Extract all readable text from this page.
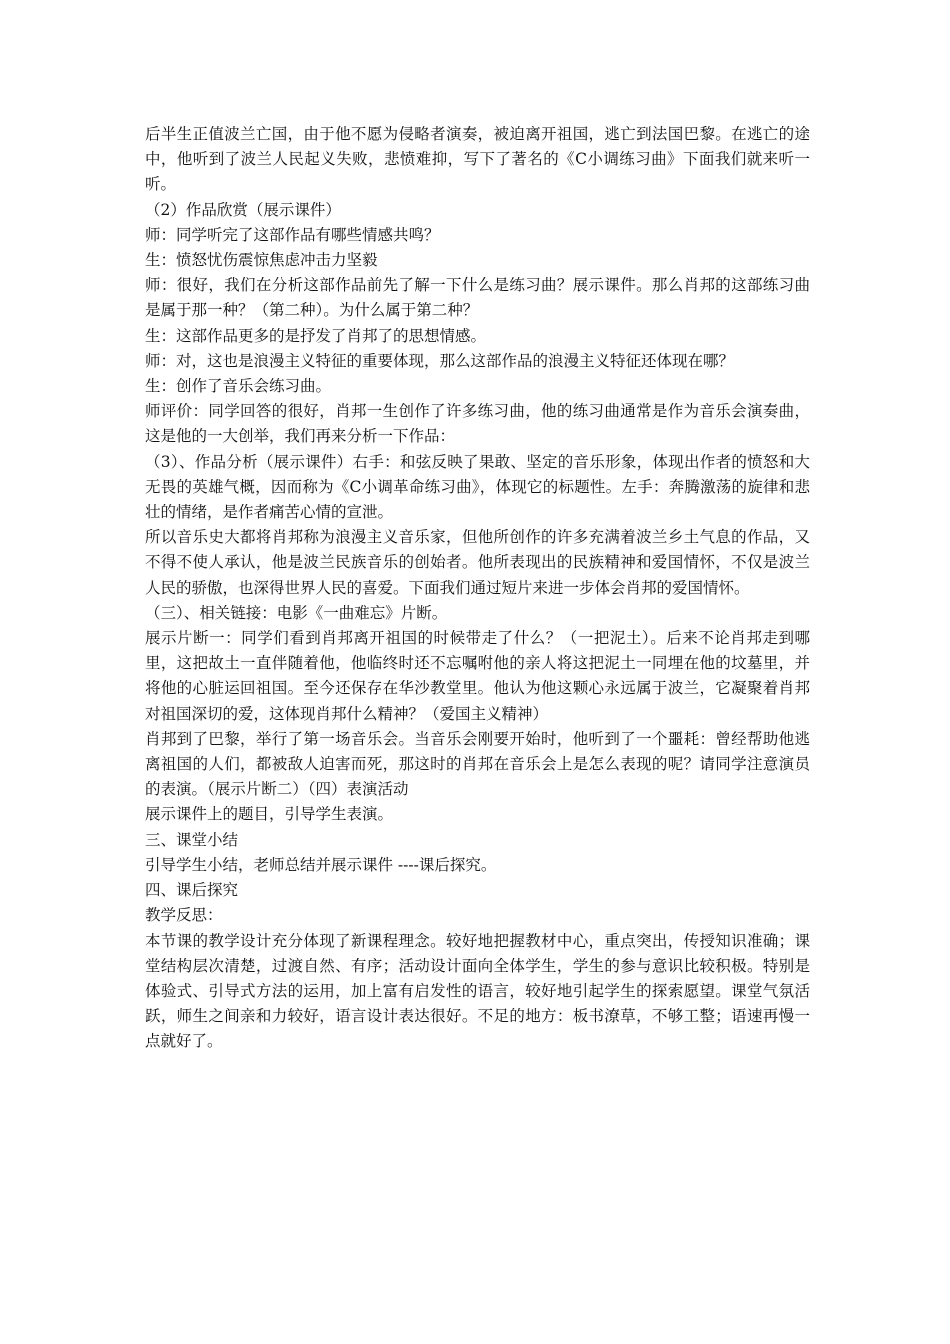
后半生正值波兰亡国，由于他不愿为侵略者演奏，被迫离开祖国，逃亡到法国巴黎。在逃亡的途中，他听到了波兰人民起义失败，悲愤难抑，写下了著名的《C小调练习曲》下面我们就来听一听。

（2）作品欣赏（展示课件）

师：同学听完了这部作品有哪些情感共鸣？

生：愤怒忧伤震惊焦虑冲击力坚毅

师：很好，我们在分析这部作品前先了解一下什么是练习曲？展示课件。那么肖邦的这部练习曲是属于那一种？（第二种）。为什么属于第二种？

生：这部作品更多的是抒发了肖邦了的思想情感。

师：对，这也是浪漫主义特征的重要体现，那么这部作品的浪漫主义特征还体现在哪？

生：创作了音乐会练习曲。

师评价：同学回答的很好，肖邦一生创作了许多练习曲，他的练习曲通常是作为音乐会演奏曲，这是他的一大创举，我们再来分析一下作品：

（3）、作品分析（展示课件）右手：和弦反映了果敢、坚定的音乐形象，体现出作者的愤怒和大无畏的英雄气概，因而称为《C小调革命练习曲》，体现它的标题性。左手：奔腾激荡的旋律和悲壮的情绪，是作者痛苦心情的宣泄。

所以音乐史大都将肖邦称为浪漫主义音乐家，但他所创作的许多充满着波兰乡土气息的作品，又不得不使人承认，他是波兰民族音乐的创始者。他所表现出的民族精神和爱国情怀，不仅是波兰人民的骄傲，也深得世界人民的喜爱。下面我们通过短片来进一步体会肖邦的爱国情怀。

（三）、相关链接：电影《一曲难忘》片断。

展示片断一：同学们看到肖邦离开祖国的时候带走了什么？（一把泥土）。后来不论肖邦走到哪里，这把故土一直伴随着他，他临终时还不忘嘱咐他的亲人将这把泥土一同埋在他的坟墓里，并将他的心脏运回祖国。至今还保存在华沙教堂里。他认为他这颗心永远属于波兰，它凝聚着肖邦对祖国深切的爱，这体现肖邦什么精神？（爱国主义精神）

肖邦到了巴黎，举行了第一场音乐会。当音乐会刚要开始时，他听到了一个噩耗：曾经帮助他逃离祖国的人们，都被敌人迫害而死，那这时的肖邦在音乐会上是怎么表现的呢？请同学注意演员的表演。（展示片断二）（四）表演活动

展示课件上的题目，引导学生表演。

三、课堂小结

引导学生小结，老师总结并展示课件 ----课后探究。

四、课后探究

教学反思：

本节课的教学设计充分体现了新课程理念。较好地把握教材中心，重点突出，传授知识准确；课堂结构层次清楚，过渡自然、有序；活动设计面向全体学生，学生的参与意识比较积极。特别是体验式、引导式方法的运用，加上富有启发性的语言，较好地引起学生的探索愿望。课堂气氛活跃，师生之间亲和力较好，语言设计表达很好。不足的地方：板书潦草，不够工整；语速再慢一点就好了。
